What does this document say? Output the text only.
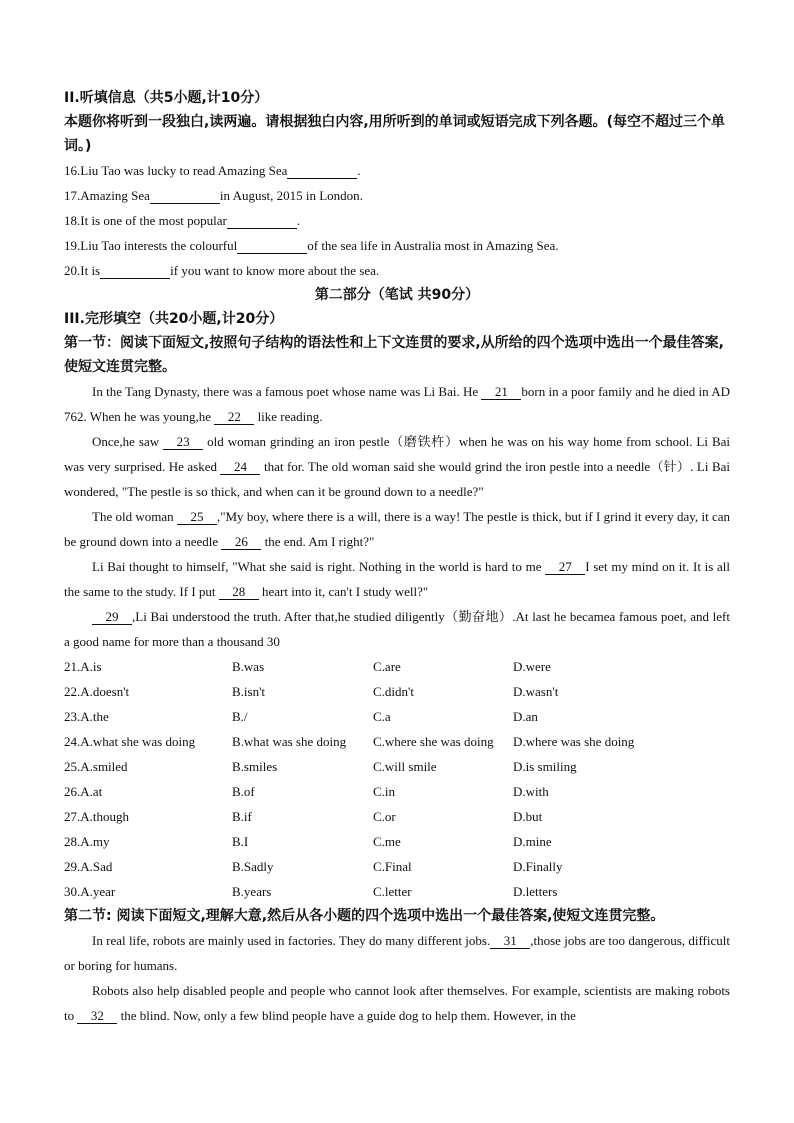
II.听填信息（共5小题,计10分）
本题你将听到一段独白,读两遍。请根据独白内容,用所听到的单词或短语完成下列各题。(每空不超过三个单词。)
16.Liu Tao was lucky to read Amazing Sea	.
17.Amazing Sea	in August, 2015 in London.
18.It is one of the most popular	.
19.Liu Tao interests the colourful	of the sea life in Australia most in Amazing Sea.
20.It is	if you want to know more about the sea.
第二部分（笔试 共90分）
III.完形填空（共20小题,计20分）
第一节：阅读下面短文,按照句子结构的语法性和上下文连贯的要求,从所给的四个选项中选出一个最佳答案,使短文连贯完整。

In the Tang Dynasty, there was a famous poet whose name was Li Bai. He 21 born in a poor family and he died in AD 762. When he was young,he 22 like reading.

Once,he saw 23 old woman grinding an iron pestle（磨铁杵）when he was on his way home from school. Li Bai was very surprised. He asked 24 that for. The old woman said she would grind the iron pestle into a needle（针）. Li Bai wondered, "The pestle is so thick, and when can it be ground down to a needle?"

The old woman 25 ,"My boy, where there is a will, there is a way! The pestle is thick, but if I grind it every day, it can be ground down into a needle 26 the end. Am I right?"

Li Bai thought to himself, "What she said is right. Nothing in the world is hard to me 27 I set my mind on it. It is all the same to the study. If I put 28 heart into it, can't I study well?"

29 ,Li Bai understood the truth. After that,he studied diligently（勤奋地）.At last he becamea famous poet, and left a good name for more than a thousand 30

21.A.is	B.was	C.are	D.were
22.A.doesn't	B.isn't	C.didn't	D.wasn't
23.A.the	B./	C.a	D.an
24.A.what she was doing	B.what was she doing	C.where she was doing	D.where was she doing
25.A.smiled	B.smiles	C.will smile	D.is smiling
26.A.at	B.of	C.in	D.with
27.A.though	B.if	C.or	D.but
28.A.my	B.I	C.me	D.mine
29.A.Sad	B.Sadly	C.Final	D.Finally
30.A.year	B.years	C.letter	D.letters
第二节: 阅读下面短文,理解大意,然后从各小题的四个选项中选出一个最佳答案,使短文连贯完整。

In real life, robots are mainly used in factories. They do many different jobs. 31 ,those jobs are too dangerous, difficult or boring for humans.

Robots also help disabled people and people who cannot look after themselves. For example, scientists are making robots to 32 the blind. Now, only a few blind people have a guide dog to help them. However, in the
